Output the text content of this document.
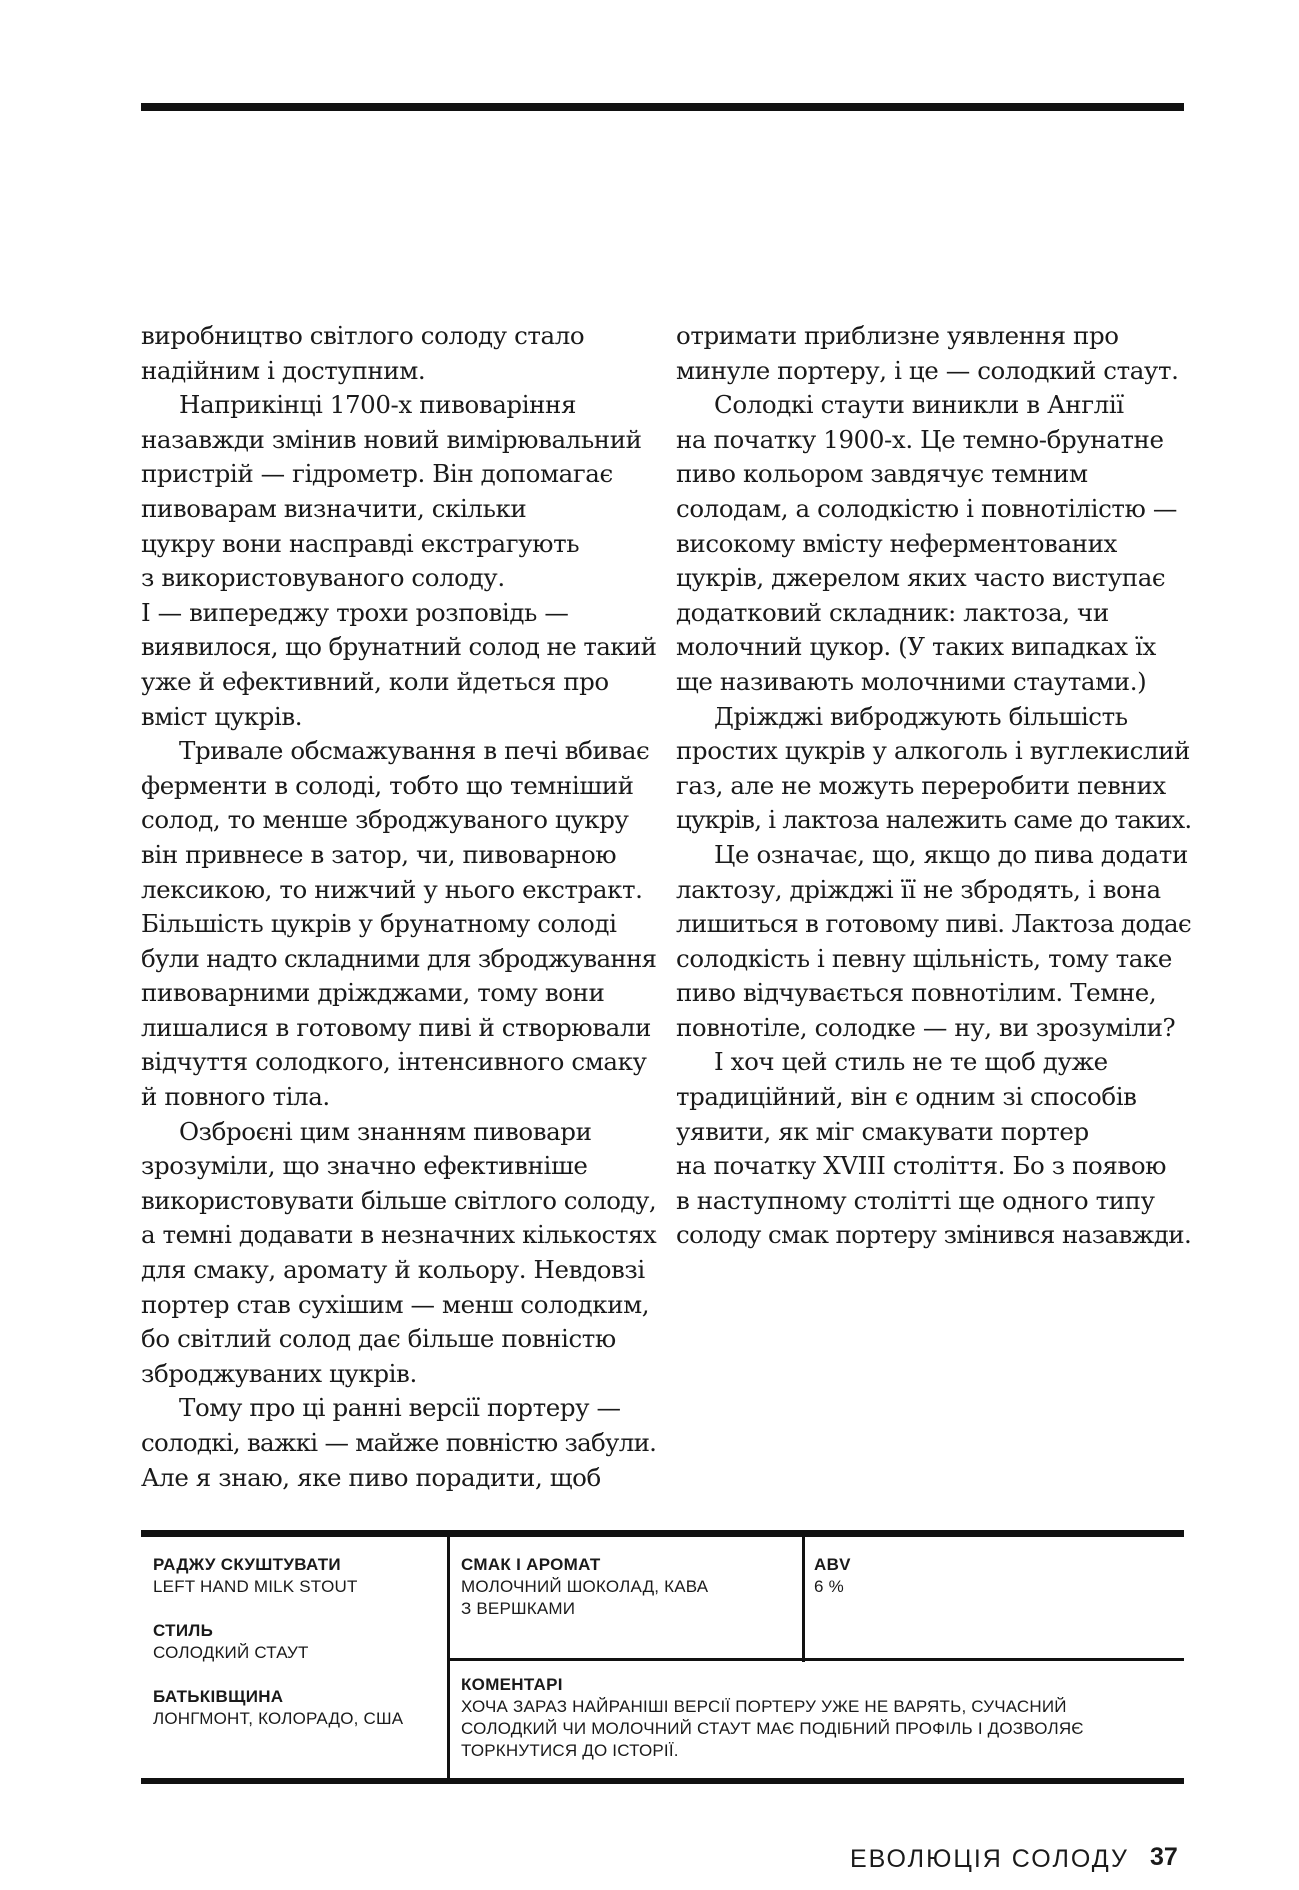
виробництво світлого солоду стало
надійним і доступним.
Наприкінці 1700-х пивоваріння
назавжди змінив новий вимірювальний
пристрій — гідрометр. Він допомагає
пивоварам визначити, скільки
цукру вони насправді екстрагують
з використовуваного солоду.
І — випереджу трохи розповідь —
виявилося, що брунатний солод не такий
уже й ефективний, коли йдеться про
вміст цукрів.
Тривале обсмажування в печі вбиває
ферменти в солоді, тобто що темніший
солод, то менше зброджуваного цукру
він привнесе в затор, чи, пивоварною
лексикою, то нижчий у нього екстракт.
Більшість цукрів у брунатному солоді
були надто складними для зброджування
пивоварними дріжджами, тому вони
лишалися в готовому пиві й створювали
відчуття солодкого, інтенсивного смаку
й повного тіла.
Озброєні цим знанням пивовари
зрозуміли, що значно ефективніше
використовувати більше світлого солоду,
а темні додавати в незначних кількостях
для смаку, аромату й кольору. Невдовзі
портер став сухішим — менш солодким,
бо світлий солод дає більше повністю
зброджуваних цукрів.
Тому про ці ранні версії портеру —
солодкі, важкі — майже повністю забули.
Але я знаю, яке пиво порадити, щоб
отримати приблизне уявлення про
минуле портеру, і це — солодкий стаут.
Солодкі стаути виникли в Англії
на початку 1900-х. Це темно-брунатне
пиво кольором завдячує темним
солодам, а солодкістю і повнотілістю —
високому вмісту неферментованих
цукрів, джерелом яких часто виступає
додатковий складник: лактоза, чи
молочний цукор. (У таких випадках їх
ще називають молочними стаутами.)
Дріжджі виброджують більшість
простих цукрів у алкоголь і вуглекислий
газ, але не можуть переробити певних
цукрів, і лактоза належить саме до таких.
Це означає, що, якщо до пива додати
лактозу, дріжджі її не збродять, і вона
лишиться в готовому пиві. Лактоза додає
солодкість і певну щільність, тому таке
пиво відчувається повнотілим. Темне,
повнотіле, солодке — ну, ви зрозуміли?
І хоч цей стиль не те щоб дуже
традиційний, він є одним зі способів
уявити, як міг смакувати портер
на початку XVIII століття. Бо з появою
в наступному столітті ще одного типу
солоду смак портеру змінився назавжди.
РАДЖУ СКУШТУВАТИ
LEFT HAND MILK STOUT
СТИЛЬ
СОЛОДКИЙ СТАУТ
БАТЬКІВЩИНА
ЛОНГМОНТ, КОЛОРАДО, США
СМАК І АРОМАТ
МОЛОЧНИЙ ШОКОЛАД, КАВА
З ВЕРШКАМИ
ABV
6 %
КОМЕНТАРІ
ХОЧА ЗАРАЗ НАЙРАНІШІ ВЕРСІЇ ПОРТЕРУ УЖЕ НЕ ВАРЯТЬ, СУЧАСНИЙ
СОЛОДКИЙ ЧИ МОЛОЧНИЙ СТАУТ МАЄ ПОДІБНИЙ ПРОФІЛЬ І ДОЗВОЛЯЄ
ТОРКНУТИСЯ ДО ІСТОРІЇ.
ЕВОЛЮЦІЯ СОЛОДУ 37
